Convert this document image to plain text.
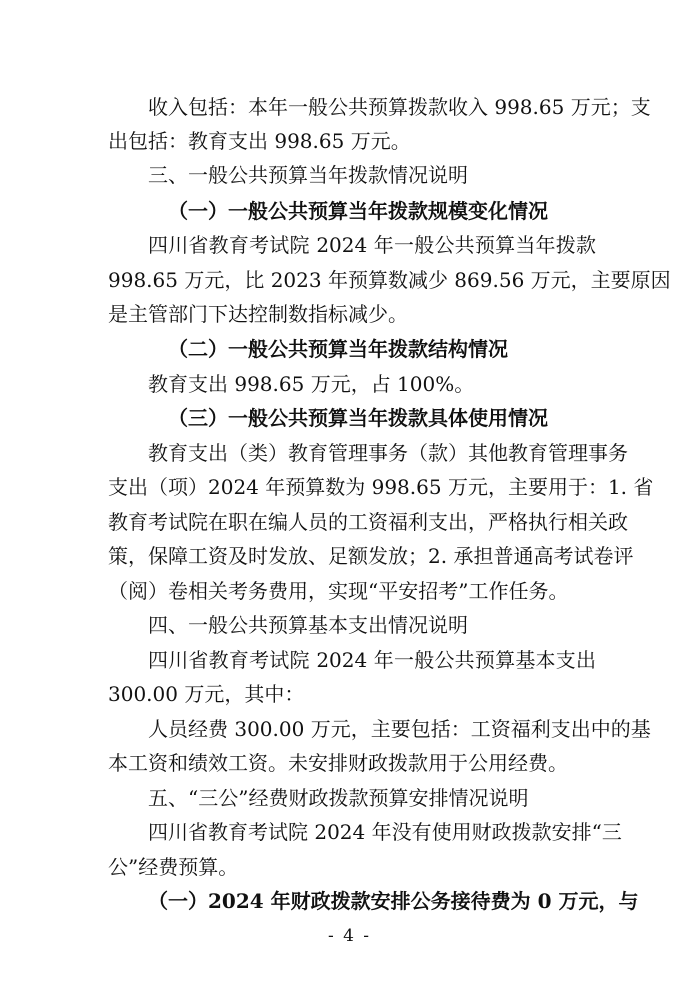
收入包括：本年一般公共预算拨款收入 998.65 万元；支
出包括：教育支出 998.65 万元。
三、一般公共预算当年拨款情况说明
（一）一般公共预算当年拨款规模变化情况
四川省教育考试院 2024 年一般公共预算当年拨款
998.65 万元，比 2023 年预算数减少 869.56 万元，主要原因
是主管部门下达控制数指标减少。
（二）一般公共预算当年拨款结构情况
教育支出 998.65 万元，占 100%。
（三）一般公共预算当年拨款具体使用情况
教育支出（类）教育管理事务（款）其他教育管理事务
支出（项）2024 年预算数为 998.65 万元，主要用于：1. 省
教育考试院在职在编人员的工资福利支出，严格执行相关政
策，保障工资及时发放、足额发放；2. 承担普通高考试卷评
（阅）卷相关考务费用，实现“平安招考”工作任务。
四、一般公共预算基本支出情况说明
四川省教育考试院 2024 年一般公共预算基本支出
300.00 万元，其中：
人员经费 300.00 万元，主要包括：工资福利支出中的基
本工资和绩效工资。未安排财政拨款用于公用经费。
五、“三公”经费财政拨款预算安排情况说明
四川省教育考试院 2024 年没有使用财政拨款安排“三
公”经费预算。
（一）2024 年财政拨款安排公务接待费为 0 万元，与
- 4 -
